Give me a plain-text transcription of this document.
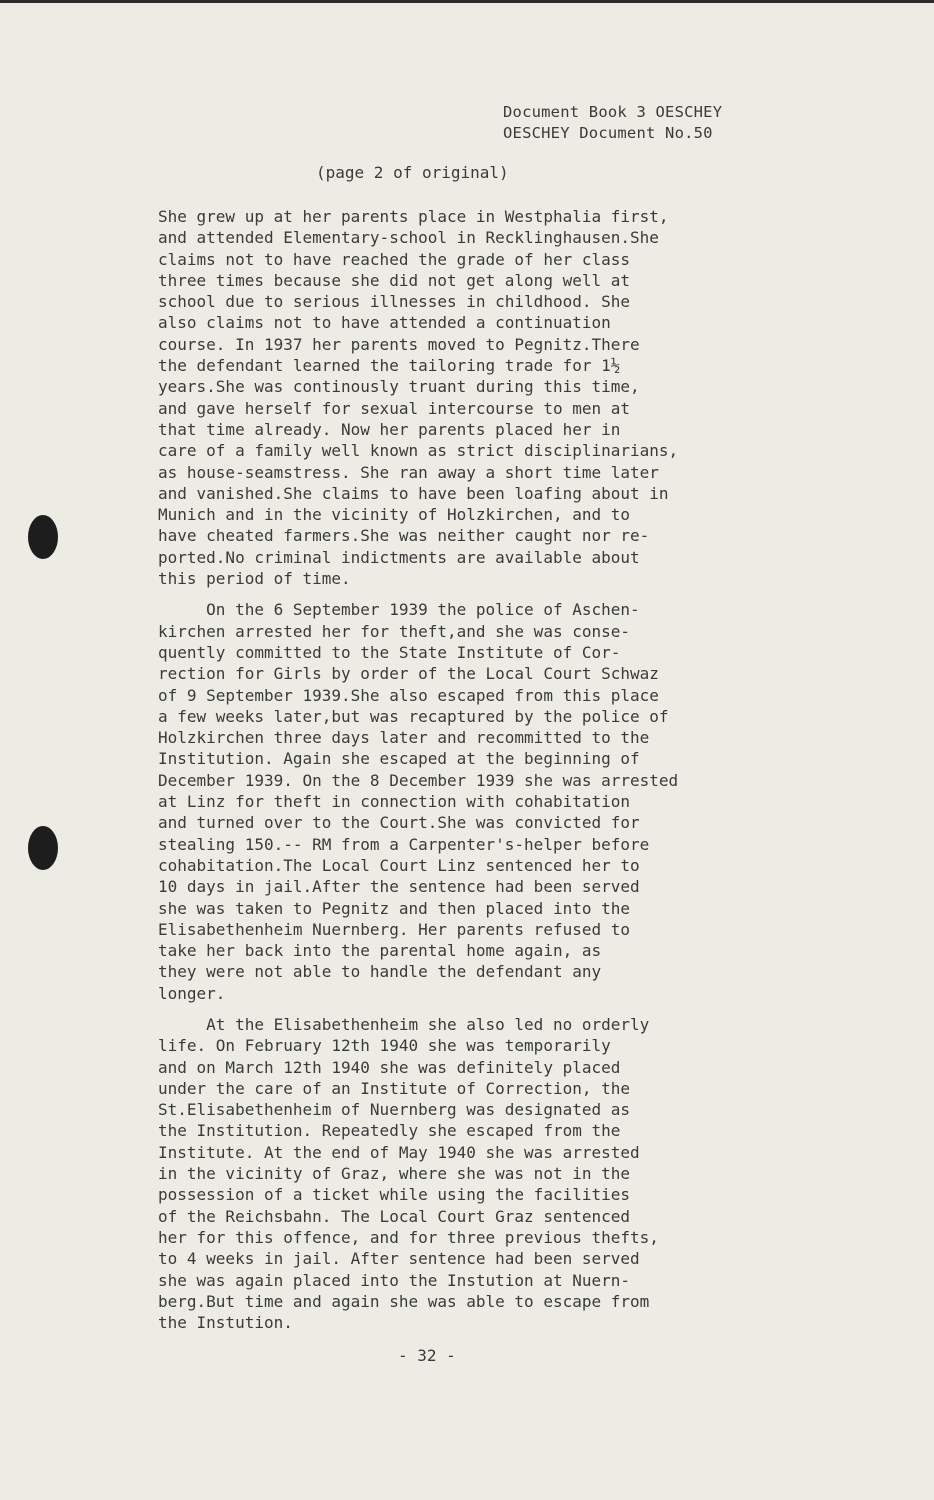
Document Book 3 OESCHEY
OESCHEY Document No.50
(page 2 of original)

She grew up at her parents place in Westphalia first,
and attended Elementary-school in Recklinghausen.She
claims not to have reached the grade of her class
three times because she did not get along well at
school due to serious illnesses in childhood. She
also claims not to have attended a continuation
course. In 1937 her parents moved to Pegnitz.There
the defendant learned the tailoring trade for 1½
years.She was continously truant during this time,
and gave herself for sexual intercourse to men at
that time already. Now her parents placed her in
care of a family well known as strict disciplinarians,
as house-seamstress. She ran away a short time later
and vanished.She claims to have been loafing about in
Munich and in the vicinity of Holzkirchen, and to
have cheated farmers.She was neither caught nor re-
ported.No criminal indictments are available about
this period of time.

On the 6 September 1939 the police of Aschen-
kirchen arrested her for theft,and she was conse-
quently committed to the State Institute of Cor-
rection for Girls by order of the Local Court Schwaz
of 9 September 1939.She also escaped from this place
a few weeks later,but was recaptured by the police of
Holzkirchen three days later and recommitted to the
Institution. Again she escaped at the beginning of
December 1939. On the 8 December 1939 she was arrested
at Linz for theft in connection with cohabitation
and turned over to the Court.She was convicted for
stealing 150.-- RM from a Carpenter's-helper before
cohabitation.The Local Court Linz sentenced her to
10 days in jail.After the sentence had been served
she was taken to Pegnitz and then placed into the
Elisabethenheim Nuernberg. Her parents refused to
take her back into the parental home again, as
they were not able to handle the defendant any
longer.

At the Elisabethenheim she also led no orderly
life. On February 12th 1940 she was temporarily
and on March 12th 1940 she was definitely placed
under the care of an Institute of Correction, the
St.Elisabethenheim of Nuernberg was designated as
the Institution. Repeatedly she escaped from the
Institute. At the end of May 1940 she was arrested
in the vicinity of Graz, where she was not in the
possession of a ticket while using the facilities
of the Reichsbahn. The Local Court Graz sentenced
her for this offence, and for three previous thefts,
to 4 weeks in jail. After sentence had been served
she was again placed into the Instution at Nuern-
berg.But time and again she was able to escape from
the Instution.

- 32 -
